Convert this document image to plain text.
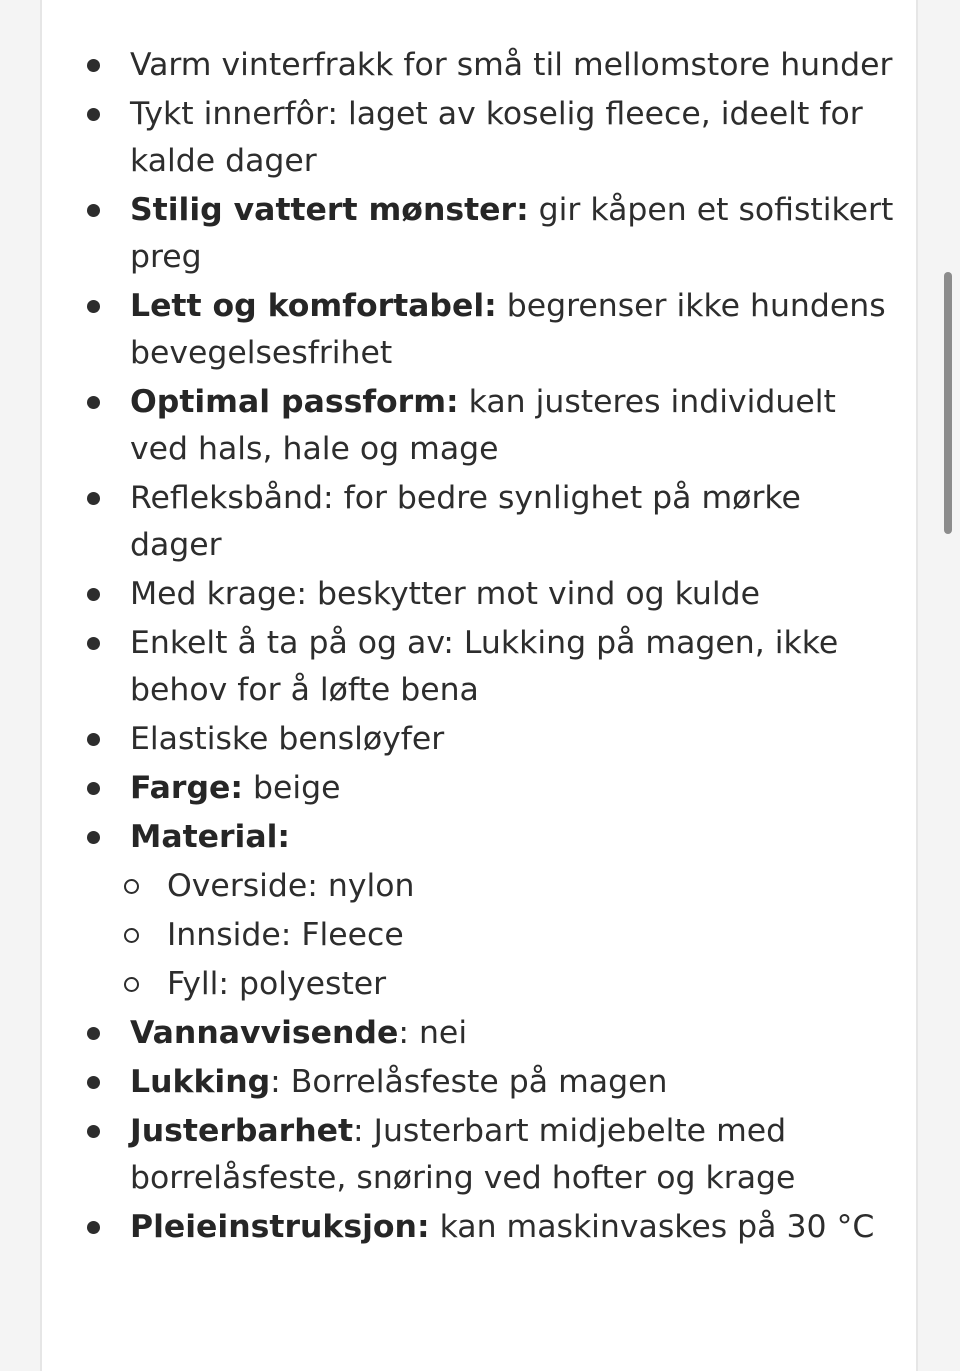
Varm vinterfrakk for små til mellomstore hunder
Tykt innerfôr: laget av koselig fleece, ideelt for kalde dager
Stilig vattert mønster: gir kåpen et sofistikert preg
Lett og komfortabel: begrenser ikke hundens bevegelsesfrihet
Optimal passform: kan justeres individuelt ved hals, hale og mage
Refleksbånd: for bedre synlighet på mørke dager
Med krage: beskytter mot vind og kulde
Enkelt å ta på og av: Lukking på magen, ikke behov for å løfte bena
Elastiske bensløyfer
Farge: beige
Material:
Overside: nylon
Innside: Fleece
Fyll: polyester
Vannavvisende: nei
Lukking: Borrelåsfeste på magen
Justerbarhet: Justerbart midjebelte med borrelåsfeste, snøring ved hofter og krage
Pleieinstruksjon: kan maskinvaskes på 30 °C
